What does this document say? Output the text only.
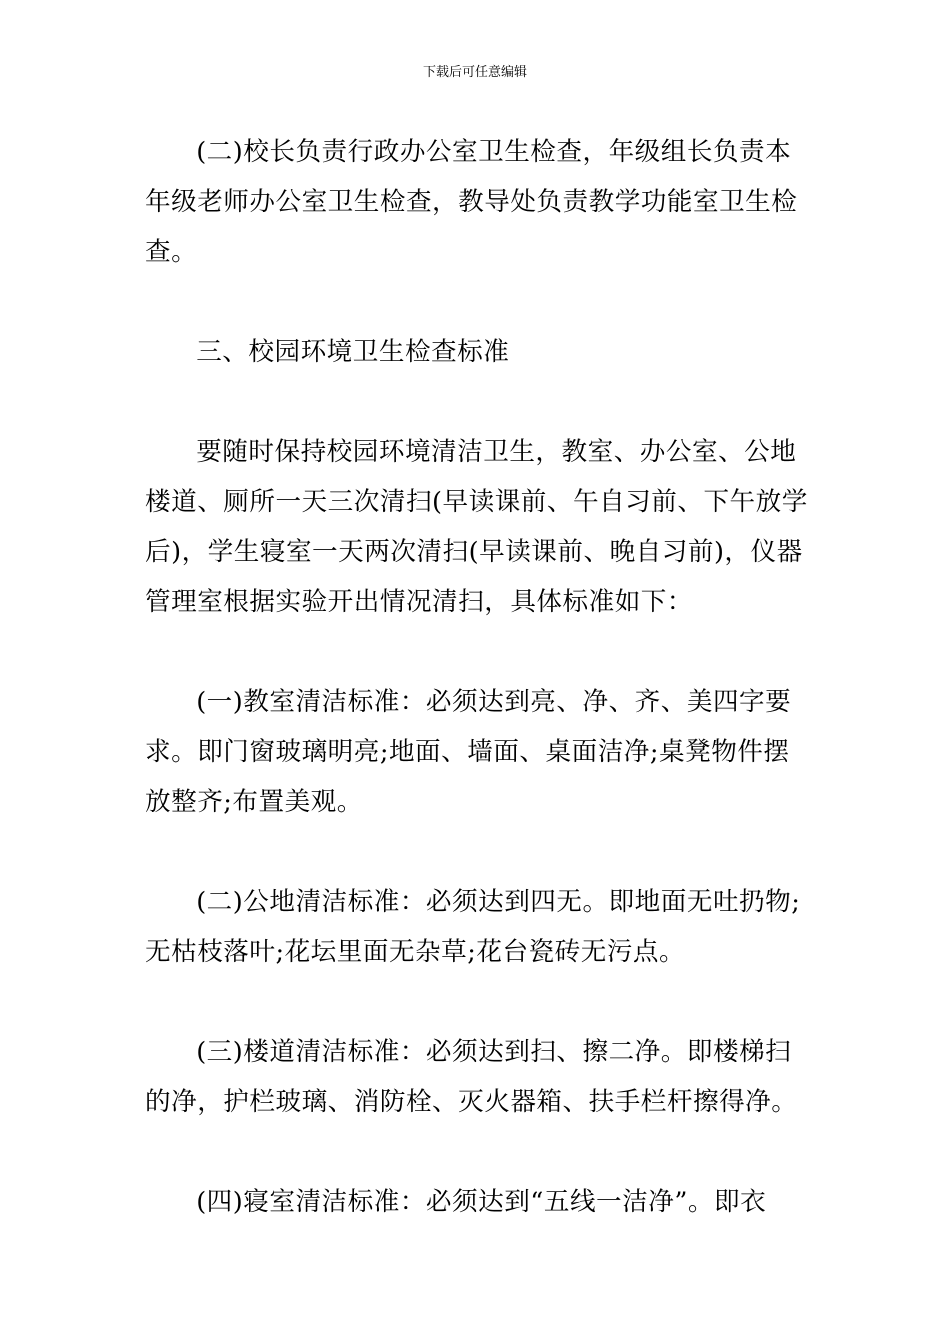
下载后可任意编辑

(二)校长负责行政办公室卫生检查，年级组长负责本
年级老师办公室卫生检查，教导处负责教学功能室卫生检
查。

三、校园环境卫生检查标准

要随时保持校园环境清洁卫生，教室、办公室、公地
楼道、厕所一天三次清扫(早读课前、午自习前、下午放学
后)，学生寝室一天两次清扫(早读课前、晚自习前)，仪器
管理室根据实验开出情况清扫，具体标准如下：

(一)教室清洁标准：必须达到亮、净、齐、美四字要
求。即门窗玻璃明亮;地面、墙面、桌面洁净;桌凳物件摆
放整齐;布置美观。

(二)公地清洁标准：必须达到四无。即地面无吐扔物;
无枯枝落叶;花坛里面无杂草;花台瓷砖无污点。

(三)楼道清洁标准：必须达到扫、擦二净。即楼梯扫
的净，护栏玻璃、消防栓、灭火器箱、扶手栏杆擦得净。

(四)寝室清洁标准：必须达到“五线一洁净”。即衣
